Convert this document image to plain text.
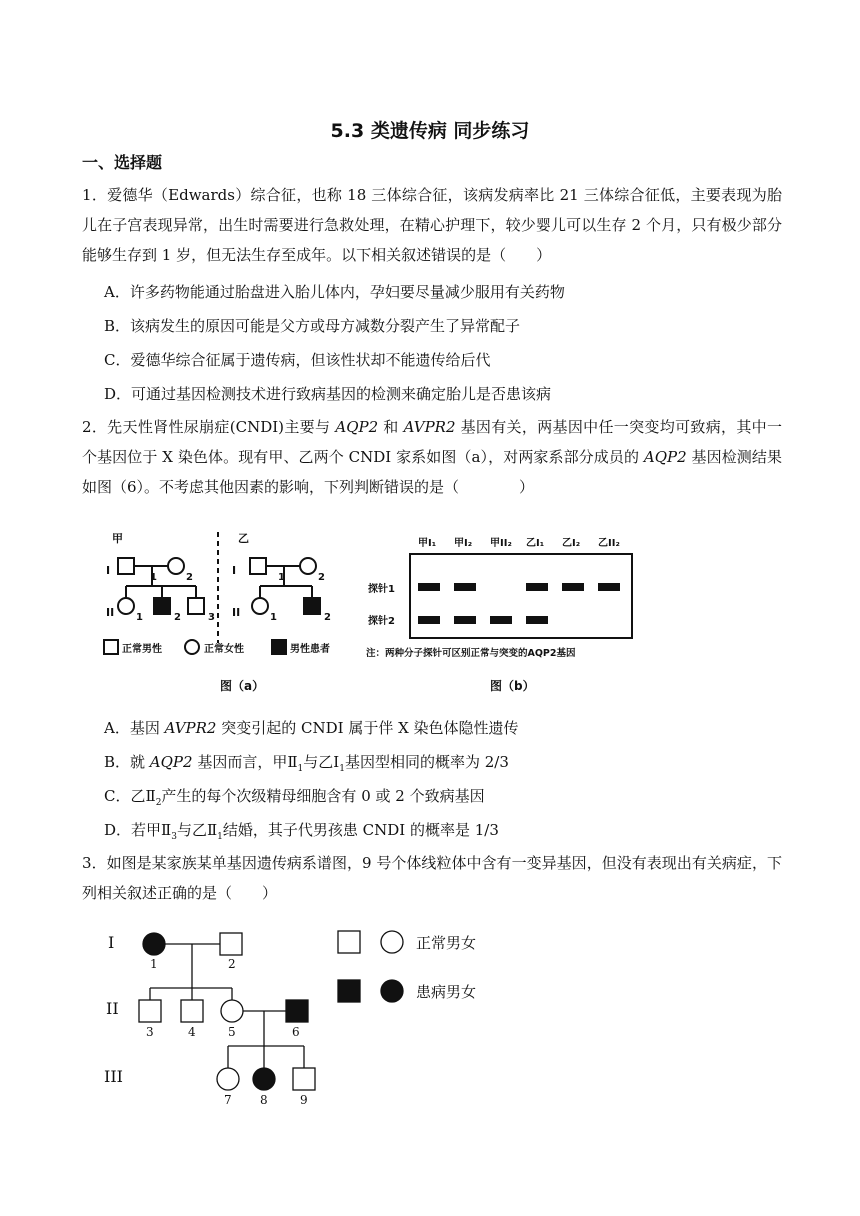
5.3 类遗传病 同步练习
一、选择题
1．爱德华（Edwards）综合征，也称 18 三体综合征，该病发病率比 21 三体综合征低，主要表现为胎儿在子宫表现异常，出生时需要进行急救处理，在精心护理下，较少婴儿可以生存 2 个月，只有极少部分能够生存到 1 岁，但无法生存至成年。以下相关叙述错误的是（　　）
A．许多药物能通过胎盘进入胎儿体内，孕妇要尽量减少服用有关药物
B．该病发生的原因可能是父方或母方减数分裂产生了异常配子
C．爱德华综合征属于遗传病，但该性状却不能遗传给后代
D．可通过基因检测技术进行致病基因的检测来确定胎儿是否患该病
2．先天性肾性尿崩症(CNDI)主要与 AQP2 和 AVPR2 基因有关，两基因中任一突变均可致病，其中一个基因位于 X 染色体。现有甲、乙两个 CNDI 家系如图（a），对两家系部分成员的 AQP2 基因检测结果如图（6）。不考虑其他因素的影响，下列判断错误的是（　　　　）
甲
I
II
乙
I
II
1	2
1	2	3
1	2
1	2
正常男性	正常女性	男性患者
图（a）
甲I₁ 甲I₂ 甲II₂ 乙I₁ 乙I₂ 乙II₂
探针1
探针2
注：两种分子探针可区别正常与突变的AQP2基因
图（b）
A．基因 AVPR2 突变引起的 CNDI 属于伴 X 染色体隐性遗传
B．就 AQP2 基因而言，甲$Ⅱ_1$与乙$Ⅰ_1$基因型相同的概率为 2/3
C．乙$Ⅱ_2$产生的每个次级精母细胞含有 0 或 2 个致病基因
D．若甲$Ⅱ_3$与乙$Ⅱ_1$结婚，其子代男孩患 CNDI 的概率是 1/3
3．如图是某家族某单基因遗传病系谱图，9 号个体线粒体中含有一变异基因，但没有表现出有关病症，下列相关叙述正确的是（　　）
I
II
III
1	2
3	4	5	6
7 8	9
正常男女
患病男女
